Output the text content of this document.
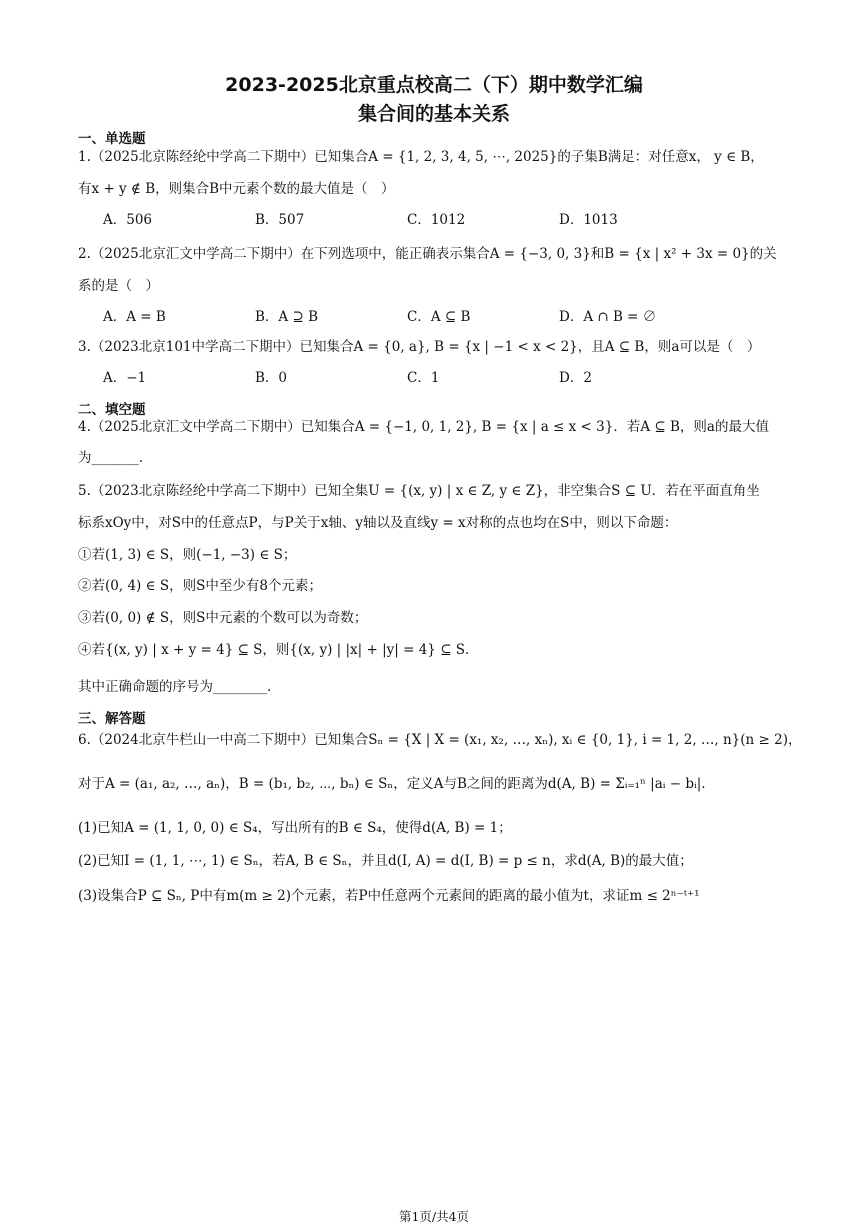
2023-2025北京重点校高二（下）期中数学汇编
集合间的基本关系
一、单选题
1.（2025北京陈经纶中学高二下期中）已知集合A = {1, 2, 3, 4, 5, ⋯, 2025}的子集B满足：对任意x， y ∈ B，
有x + y ∉ B，则集合B中元素个数的最大值是（　）
A．506	B．507	C．1012	D．1013
2.（2025北京汇文中学高二下期中）在下列选项中，能正确表示集合A = {−3, 0, 3}和B = {x | x² + 3x = 0}的关
系的是（　）
A．A = B	B．A ⊇ B	C．A ⊆ B	D．A ∩ B = ∅
3.（2023北京101中学高二下期中）已知集合A = {0, a}, B = {x | −1 < x < 2}，且A ⊆ B，则a可以是（　）
A．−1	B．0	C．1	D．2
二、填空题
4.（2025北京汇文中学高二下期中）已知集合A = {−1, 0, 1, 2}, B = {x | a ≤ x < 3}．若A ⊆ B，则a的最大值
为_______.
5.（2023北京陈经纶中学高二下期中）已知全集U = {(x, y) | x ∈ Z, y ∈ Z}，非空集合S ⊆ U．若在平面直角坐
标系xOy中，对S中的任意点P，与P关于x轴、y轴以及直线y = x对称的点也均在S中，则以下命题：
①若(1, 3) ∈ S，则(−1, −3) ∈ S；
②若(0, 4) ∈ S，则S中至少有8个元素；
③若(0, 0) ∉ S，则S中元素的个数可以为奇数；
④若{(x, y) | x + y = 4} ⊆ S，则{(x, y) | |x| + |y| = 4} ⊆ S．
其中正确命题的序号为________.
三、解答题
6.（2024北京牛栏山一中高二下期中）已知集合Sₙ = {X | X = (x₁, x₂, …, xₙ), xᵢ ∈ {0, 1}, i = 1, 2, …, n}(n ≥ 2)，
对于A = (a₁, a₂, …, aₙ)，B = (b₁, b₂, ⋯, bₙ) ∈ Sₙ，定义A与B之间的距离为d(A, B) = Σᵢ₌₁ⁿ |aᵢ − bᵢ|.
(1)已知A = (1, 1, 0, 0) ∈ S₄，写出所有的B ∈ S₄，使得d(A, B) = 1；
(2)已知I = (1, 1, ⋯, 1) ∈ Sₙ，若A, B ∈ Sₙ，并且d(I, A) = d(I, B) = p ≤ n，求d(A, B)的最大值；
(3)设集合P ⊆ Sₙ, P中有m(m ≥ 2)个元素，若P中任意两个元素间的距离的最小值为t，求证m ≤ 2ⁿ⁻ᵗ⁺¹
第1页/共4页
